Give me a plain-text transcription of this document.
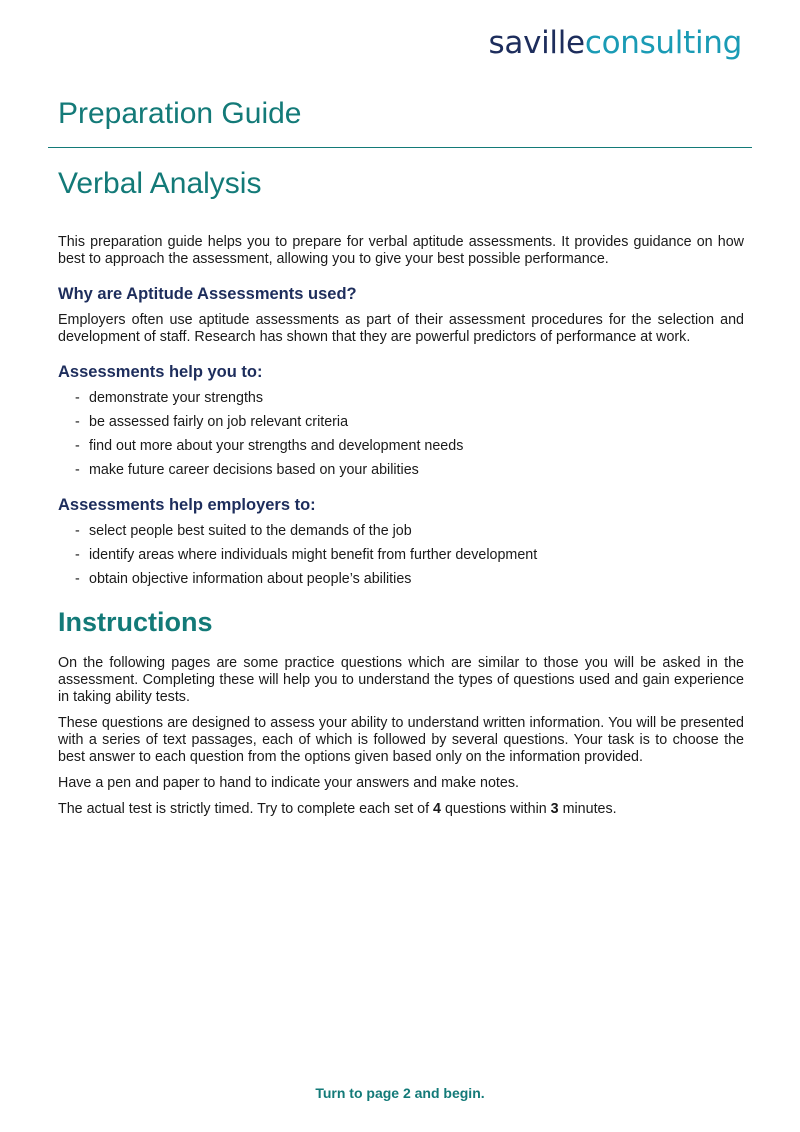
savilleconsulting
Preparation Guide
Verbal Analysis

This preparation guide helps you to prepare for verbal aptitude assessments. It provides guidance on how best to approach the assessment, allowing you to give your best possible performance.

Why are Aptitude Assessments used?

Employers often use aptitude assessments as part of their assessment procedures for the selection and development of staff. Research has shown that they are powerful predictors of performance at work.

Assessments help you to:
- demonstrate your strengths
- be assessed fairly on job relevant criteria
- find out more about your strengths and development needs
- make future career decisions based on your abilities
Assessments help employers to:
- select people best suited to the demands of the job
- identify areas where individuals might benefit from further development
- obtain objective information about people’s abilities
Instructions

On the following pages are some practice questions which are similar to those you will be asked in the assessment. Completing these will help you to understand the types of questions used and gain experience in taking ability tests.

These questions are designed to assess your ability to understand written information. You will be presented with a series of text passages, each of which is followed by several questions. Your task is to choose the best answer to each question from the options given based only on the information provided.

Have a pen and paper to hand to indicate your answers and make notes.

The actual test is strictly timed. Try to complete each set of 4 questions within 3 minutes.

Turn to page 2 and begin.
